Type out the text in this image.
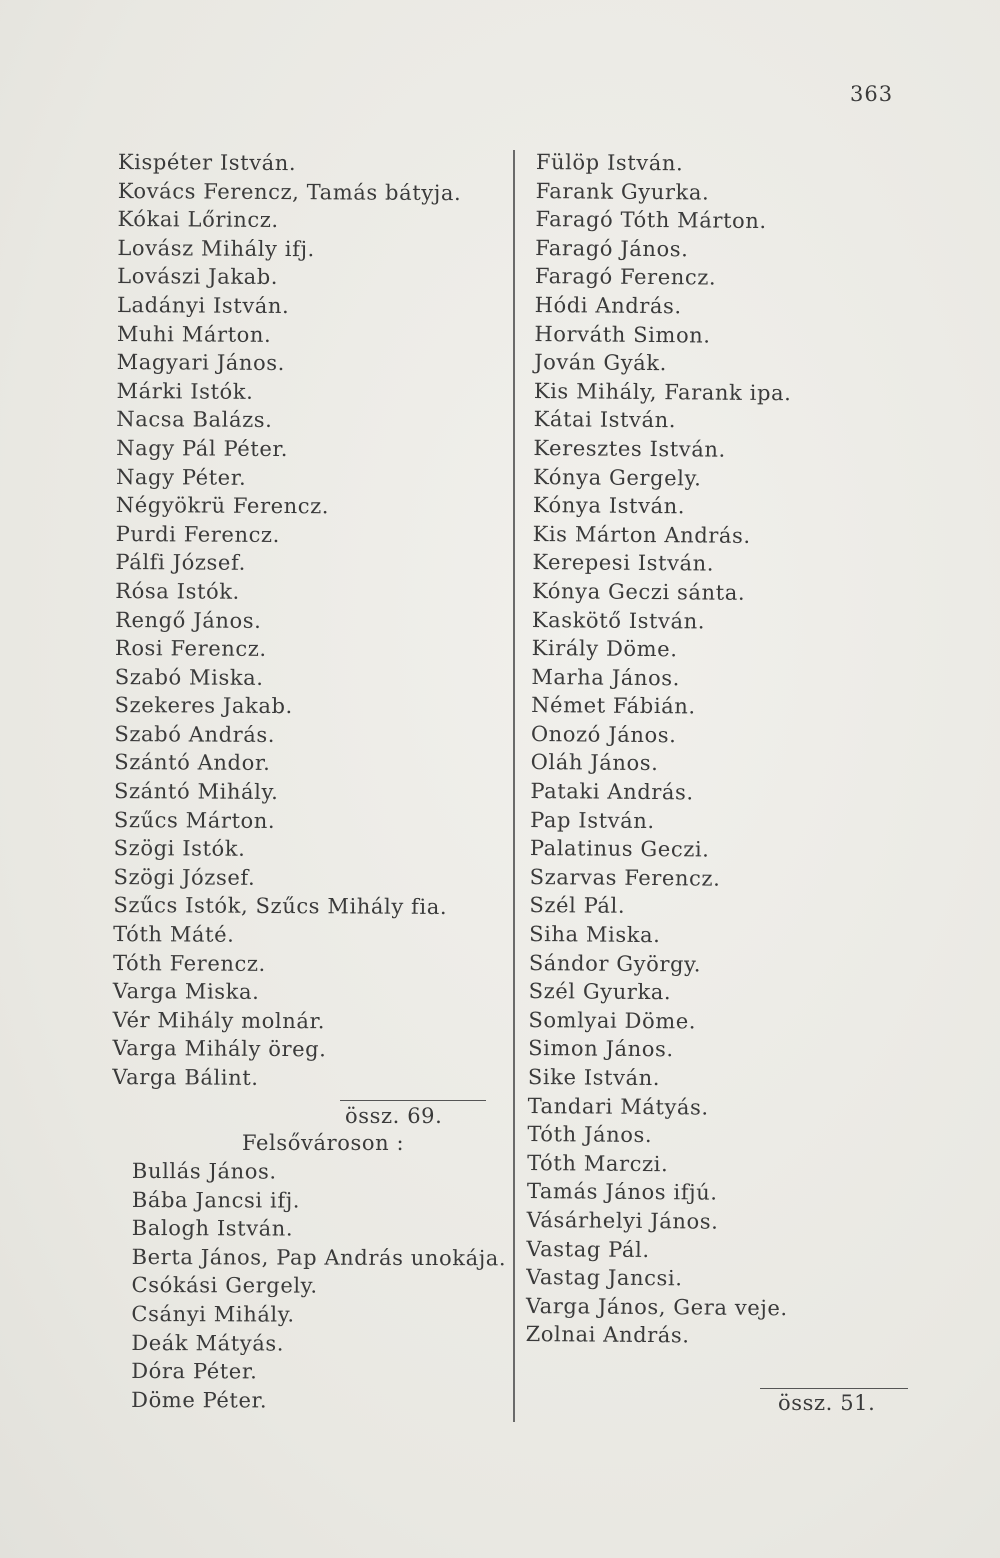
363
Kispéter István.
Kovács Ferencz, Tamás bátyja.
Kókai Lőrincz.
Lovász Mihály ifj.
Lovászi Jakab.
Ladányi István.
Muhi Márton.
Magyari János.
Márki Istók.
Nacsa Balázs.
Nagy Pál Péter.
Nagy Péter.
Négyökrü Ferencz.
Purdi Ferencz.
Pálfi József.
Rósa Istók.
Rengő János.
Rosi Ferencz.
Szabó Miska.
Szekeres Jakab.
Szabó András.
Szántó Andor.
Szántó Mihály.
Szűcs Márton.
Szögi Istók.
Szögi József.
Szűcs Istók, Szűcs Mihály fia.
Tóth Máté.
Tóth Ferencz.
Varga Miska.
Vér Mihály molnár.
Varga Mihály öreg.
Varga Bálint.
össz. 69.
Felsővároson :
Bullás János.
Bába Jancsi ifj.
Balogh István.
Berta János, Pap András unokája.
Csókási Gergely.
Csányi Mihály.
Deák Mátyás.
Dóra Péter.
Döme Péter.
Fülöp István.
Farank Gyurka.
Faragó Tóth Márton.
Faragó János.
Faragó Ferencz.
Hódi András.
Horváth Simon.
Jován Gyák.
Kis Mihály, Farank ipa.
Kátai István.
Keresztes István.
Kónya Gergely.
Kónya István.
Kis Márton András.
Kerepesi István.
Kónya Geczi sánta.
Kaskötő István.
Király Döme.
Marha János.
Német Fábián.
Onozó János.
Oláh János.
Pataki András.
Pap István.
Palatinus Geczi.
Szarvas Ferencz.
Szél Pál.
Siha Miska.
Sándor György.
Szél Gyurka.
Somlyai Döme.
Simon János.
Sike István.
Tandari Mátyás.
Tóth János.
Tóth Marczi.
Tamás János ifjú.
Vásárhelyi János.
Vastag Pál.
Vastag Jancsi.
Varga János, Gera veje.
Zolnai András.
össz. 51.
